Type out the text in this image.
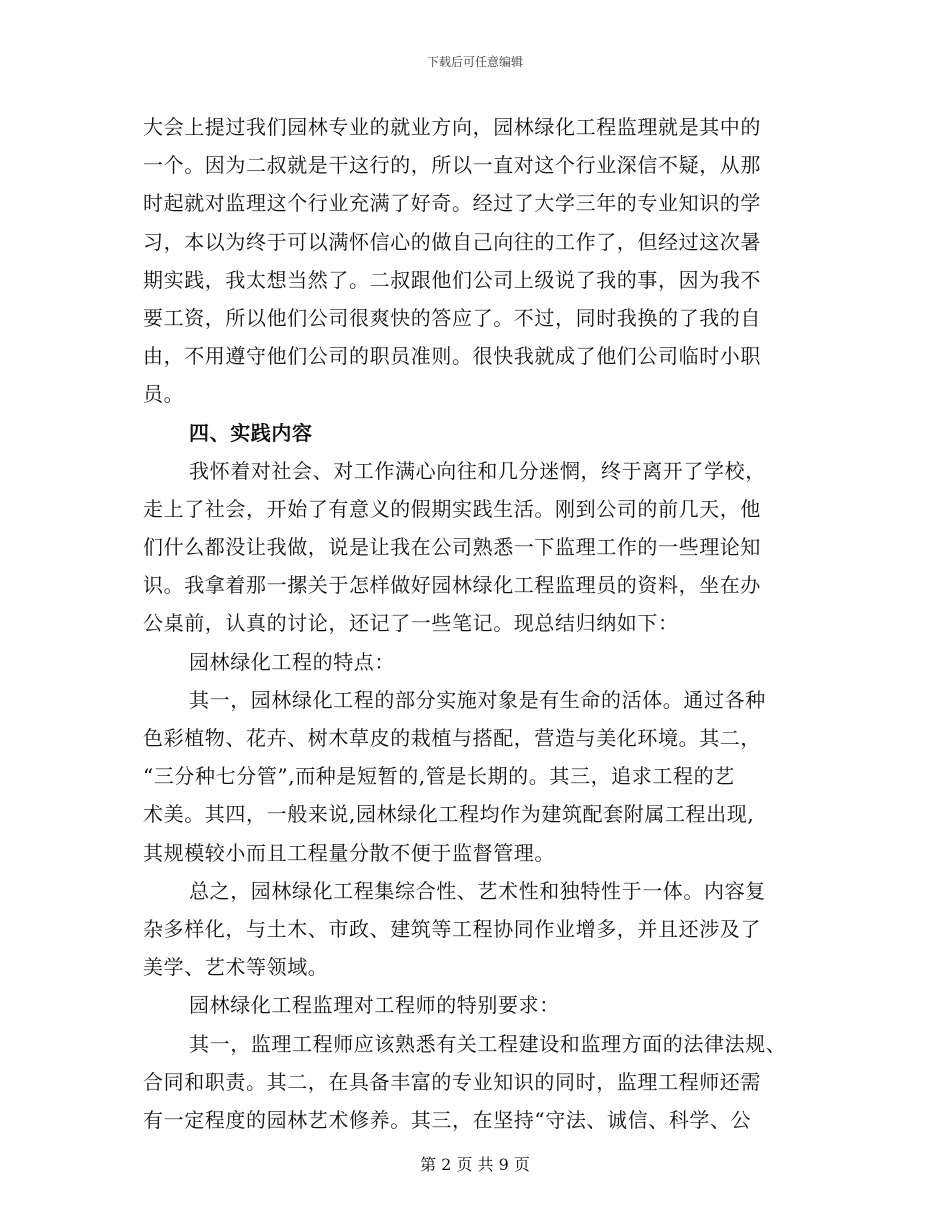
下载后可任意编辑
大会上提过我们园林专业的就业方向，园林绿化工程监理就是其中的
一个。因为二叔就是干这行的，所以一直对这个行业深信不疑，从那
时起就对监理这个行业充满了好奇。经过了大学三年的专业知识的学
习，本以为终于可以满怀信心的做自己向往的工作了，但经过这次暑
期实践，我太想当然了。二叔跟他们公司上级说了我的事，因为我不
要工资，所以他们公司很爽快的答应了。不过，同时我换的了我的自
由，不用遵守他们公司的职员准则。很快我就成了他们公司临时小职
员。
四、实践内容
我怀着对社会、对工作满心向往和几分迷惘，终于离开了学校，
走上了社会，开始了有意义的假期实践生活。刚到公司的前几天，他
们什么都没让我做，说是让我在公司熟悉一下监理工作的一些理论知
识。我拿着那一摞关于怎样做好园林绿化工程监理员的资料，坐在办
公桌前，认真的讨论，还记了一些笔记。现总结归纳如下：
园林绿化工程的特点：
其一，园林绿化工程的部分实施对象是有生命的活体。通过各种
色彩植物、花卉、树木草皮的栽植与搭配，营造与美化环境。其二，
“三分种七分管”,而种是短暂的,管是长期的。其三，追求工程的艺
术美。其四，一般来说,园林绿化工程均作为建筑配套附属工程出现,
其规模较小而且工程量分散不便于监督管理。
总之，园林绿化工程集综合性、艺术性和独特性于一体。内容复
杂多样化，与土木、市政、建筑等工程协同作业增多，并且还涉及了
美学、艺术等领域。
园林绿化工程监理对工程师的特别要求：
其一，监理工程师应该熟悉有关工程建设和监理方面的法律法规、
合同和职责。其二，在具备丰富的专业知识的同时，监理工程师还需
有一定程度的园林艺术修养。其三，在坚持“守法、诚信、科学、公
第 2 页 共 9 页
